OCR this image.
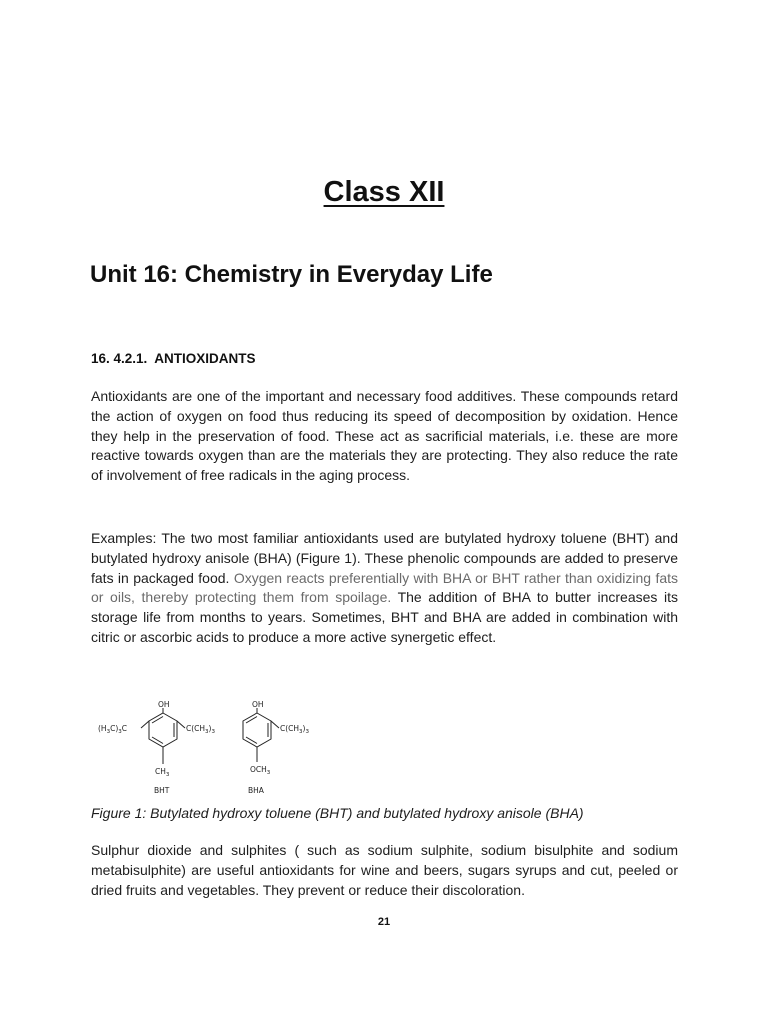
Class XII
Unit 16: Chemistry in Everyday Life
16. 4.2.1.  ANTIOXIDANTS

Antioxidants are one of the important and necessary food additives. These compounds retard the action of oxygen on food thus reducing its speed of decomposition by oxidation. Hence they help in the preservation of food. These act as sacrificial materials, i.e. these are more reactive towards oxygen than are the materials they are protecting. They also reduce the rate of involvement of free radicals in the aging process.

Examples: The two most familiar antioxidants used are butylated hydroxy toluene (BHT) and butylated hydroxy anisole (BHA) (Figure 1). These phenolic compounds are added to preserve fats in packaged food. Oxygen reacts preferentially with BHA or BHT rather than oxidizing fats or oils, thereby protecting them from spoilage. The addition of BHA to butter increases its storage life from months to years. Sometimes, BHT and BHA are added in combination with citric or ascorbic acids to produce a more active synergetic effect.

OH
$(H_3C)_3C$	$C(CH_3)_3$
$CH_3$
BHT
OH
$C(CH_3)_3$
$OCH_3$
BHA

Figure 1: Butylated hydroxy toluene (BHT) and butylated hydroxy anisole (BHA)

Sulphur dioxide and sulphites ( such as sodium sulphite, sodium bisulphite and sodium metabisulphite) are useful antioxidants for wine and beers, sugars syrups and cut, peeled or dried fruits and vegetables. They prevent or reduce their discoloration.

21
